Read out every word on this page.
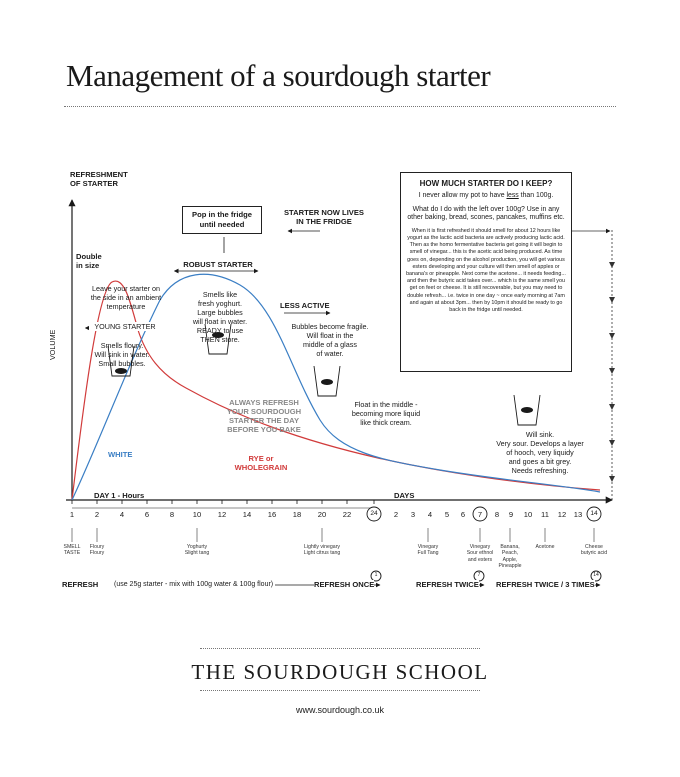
Management of a sourdough starter
REFRESHMENT
OF STARTER
Double
in size
VOLUME
DAY 1 - Hours	DAYS
1	2	4	6	8	10	12	14	16	18	20	22	24	2	3	4	5	6	7	8	9	10	11	12 13	14
Pop in the fridge
until needed
STARTER NOW LIVES
IN THE FRIDGE
ROBUST STARTER
LESS ACTIVE
YOUNG STARTER
Leave your starter on
the side in an ambient
temperature
Smells floury.
Will sink in water.
Small bubbles.
Smells like
fresh yoghurt.
Large bubbles
will float in water.
READY to use
THEN store.
Bubbles become fragile.
Will float in the
middle of a glass
of water.
Float in the middle -
becoming more liquid
like thick cream.
Will sink.
Very sour. Develops a layer
of hooch, very liquidy
and goes a bit grey.
Needs refreshing.
ALWAYS REFRESH
YOUR SOURDOUGH
STARTER THE DAY
BEFORE YOU BAKE
WHITE	RYE or
WHOLEGRAIN
HOW MUCH STARTER DO I KEEP?

I never allow my pot to have less than 100g.

What do I do with the left over 100g? Use in any other baking, bread, scones, pancakes, muffins etc.

When it is first refreshed it should smell for about 12 hours like yogurt as the lactic acid bacteria are actively producing lactic acid. Then as the homo fermentative bacteria get going it will begin to smell of vinegar... this is the acetic acid being produced. As time goes on, depending on the alcohol production, you will get various esters developing and your culture will then smell of apples or banana's or pineapple. Next come the acetone... it needs feeding... and then the butyric acid takes over... which is the same smell you get on feet or cheese. It is still recoverable, but you may need to double refresh... i.e. twice in one day ~ once early morning at 7am and again at about 3pm... then by 10pm it should be ready to go back in the fridge until needed.

SMELL
TASTE
Floury
Floury
Yoghurty
Slight tang
Lightly vinegary
Light citrus tang
Vinegary
Full Tang
Vinegary
Sour ethnol
and esters
Banana,
Peach,
Apple,
Pineapple
Acetone	Cheese
butyric acid
REFRESH (use 25g starter - mix with 100g water & 100g flour)	REFRESH ONCE	REFRESH TWICE REFRESH TWICE / 3 TIMES
1	7	14
THE SOURDOUGH SCHOOL
www.sourdough.co.uk
